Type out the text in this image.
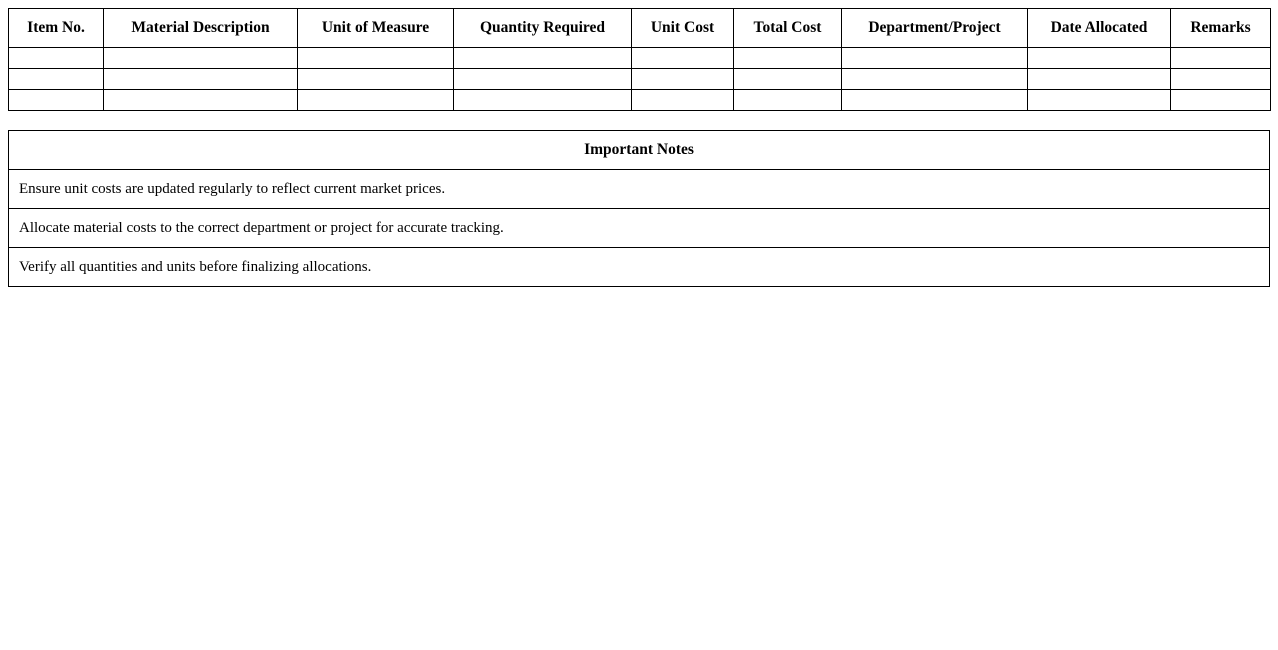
Item No.	Material Description	Unit of Measure	Quantity Required	Unit Cost	Total Cost	Department/Project	Date Allocated	Remarks

Important Notes
Ensure unit costs are updated regularly to reflect current market prices.
Allocate material costs to the correct department or project for accurate tracking.
Verify all quantities and units before finalizing allocations.
